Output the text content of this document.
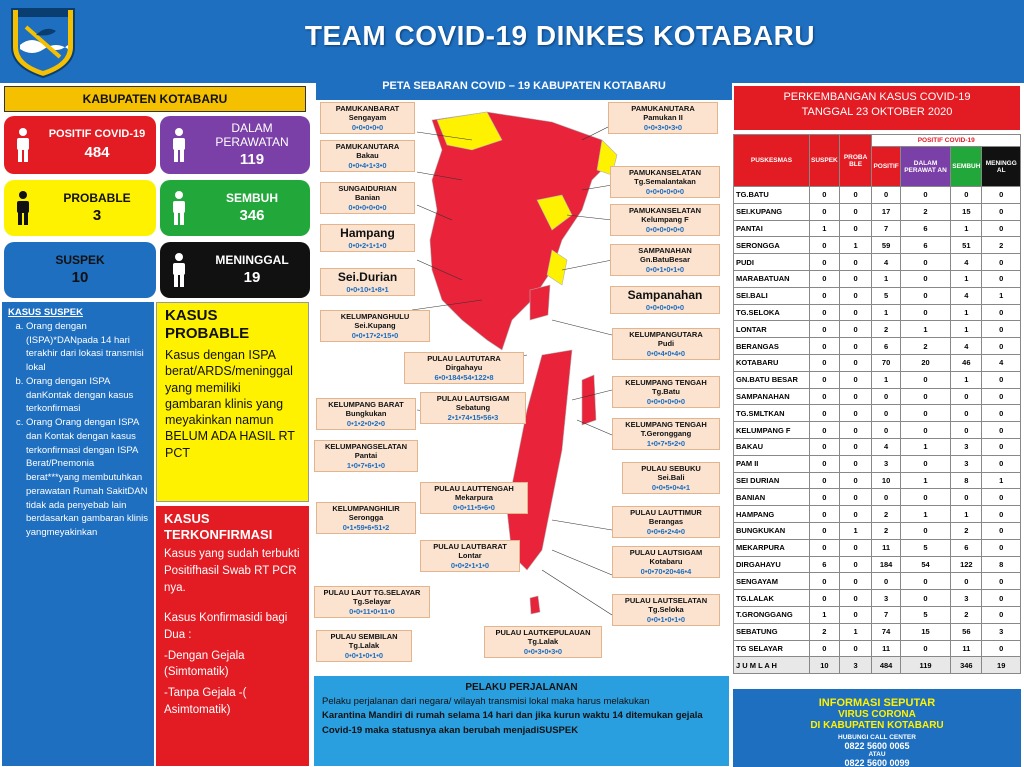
TEAM COVID-19 DINKES KOTABARU
KABUPATEN KOTABARU
POSITIF COVID-19
484
DALAM PERAWATAN
119
PROBABLE
3
SEMBUH
346
SUSPEK
10
MENINGGAL
19
KASUS SUSPEK
a. Orang dengan (ISPA)*DANpada 14 hari terakhir dari lokasi transmisi lokal
b. Orang dengan ISPA danKontak dengan kasus terkonfirmasi
c. Orang Orang dengan ISPA dan Kontak dengan kasus terkonfirmasi dengan ISPA Berat/Pnemonia berat***yang membutuhkan perawatan Rumah SakitDAN tidak ada penyebab lain berdasarkan gambaran klinis yangmeyakinkan
KASUS PROBABLE
Kasus dengan ISPA berat/ARDS/meninggal yang memiliki gambaran klinis yang meyakinkan namun BELUM ADA HASIL RT PCT
KASUS TERKONFIRMASI
Kasus yang sudah terbukti Positifhasil Swab RT PCR nya.
Kasus Konfirmasidi bagi Dua :
-Dengan Gejala (Simtomatik)
-Tanpa Gejala -( Asimtomatik)
PETA SEBARAN COVID – 19 KABUPATEN KOTABARU
PAMUKANBARAT
Sengayam
0•0•0•0•0
PAMUKANUTARA
Pamukan II
0•0•3•0•3•0
PAMUKANUTARA
Bakau
0•0•4•1•3•0
SUNGAIDURIAN
Banian
0•0•0•0•0•0
PAMUKANSELATAN
Tg.Semalantakan
0•0•0•0•0•0
PAMUKANSELATAN
Kelumpang F
0•0•0•0•0•0
Hampang
0•0•2•1•1•0
SAMPANAHAN
Gn.BatuBesar
0•0•1•0•1•0
Sei.Durian
0•0•10•1•8•1	Sampanahan
0•0•0•0•0•0
KELUMPANGHULU
Sei.Kupang
0•0•17•2•15•0	KELUMPANGUTARA
Pudi
0•0•4•0•4•0
PULAU LAUTUTARA
Dirgahayu
6•0•184•54•122•8
KELUMPANG TENGAH
Tg.Batu
0•0•0•0•0•0
KELUMPANG BARAT
Bungkukan
0•1•2•0•2•0
PULAU LAUTSIGAM
Sebatung
2•1•74•15•56•3
KELUMPANG TENGAH
T.Geronggang
1•0•7•5•2•0
KELUMPANGSELATAN
Pantai
1•0•7•6•1•0	PULAU SEBUKU
Sei.Bali
0•0•5•0•4•1
PULAU LAUTTENGAH
Mekarpura
0•0•11•5•6•0
KELUMPANGHILIR
Serongga
0•1•59•6•51•2
PULAU LAUTTIMUR
Berangas
0•0•6•2•4•0
PULAU LAUTBARAT
Lontar
0•0•2•1•1•0
PULAU LAUTSIGAM
Kotabaru
0•0•70•20•46•4
PULAU LAUT TG.SELAYAR
Tg.Selayar
0•0•11•0•11•0
PULAU LAUTSELATAN
Tg.Seloka
0•0•1•0•1•0
PULAU SEMBILAN
Tg.Lalak
0•0•1•0•1•0
PULAU LAUTKEPULAUAN
Tg.Lalak
0•0•3•0•3•0
PELAKU PERJALANAN
Pelaku perjalanan dari negara/ wilayah transmisi lokal maka harus melakukan
Karantina Mandiri di rumah selama 14 hari dan jika kurun waktu 14 ditemukan gejala Covid-19 maka statusnya akan berubah menjadiSUSPEK
PERKEMBANGAN KASUS COVID-19
TANGGAL 23 OKTOBER 2020
PUSKESMAS	SUSPEK	PROBA BLE	POSITIF COVID-19			
			POSITIF	DALAM PERAWAT AN	SEMBUH	MENINGG AL
TG.BATU	0	0	0	0	0	0
SEI.KUPANG	0	0	17	2	15	0
PANTAI	1	0	7	6	1	0
SERONGGA	0	1	59	6	51	2
PUDI	0	0	4	0	4	0
MARABATUAN	0	0	1	0	1	0
SEI.BALI	0	0	5	0	4	1
TG.SELOKA	0	0	1	0	1	0
LONTAR	0	0	2	1	1	0
BERANGAS	0	0	6	2	4	0
KOTABARU	0	0	70	20	46	4
GN.BATU BESAR	0	0	1	0	1	0
SAMPANAHAN	0	0	0	0	0	0
TG.SMLTKAN	0	0	0	0	0	0
KELUMPANG F	0	0	0	0	0	0
BAKAU	0	0	4	1	3	0
PAM II	0	0	3	0	3	0
SEI DURIAN	0	0	10	1	8	1
BANIAN	0	0	0	0	0	0
HAMPANG	0	0	2	1	1	0
BUNGKUKAN	0	1	2	0	2	0
MEKARPURA	0	0	11	5	6	0
DIRGAHAYU	6	0	184	54	122	8
SENGAYAM	0	0	0	0	0	0
TG.LALAK	0	0	3	0	3	0
T.GRONGGANG	1	0	7	5	2	0
SEBATUNG	2	1	74	15	56	3
TG SELAYAR	0	0	11	0	11	0
J U M L A H	10	3	484	119	346	19
INFORMASI SEPUTAR
VIRUS CORONA
DI KABUPATEN KOTABARU
HUBUNGI CALL CENTER
0822 5600 0065
ATAU
0822 5600 0099
